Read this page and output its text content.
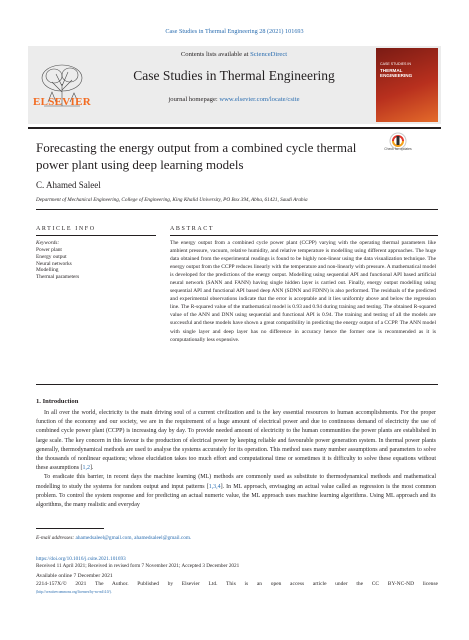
Case Studies in Thermal Engineering 28 (2021) 101693
ELSEVIER
Contents lists available at ScienceDirect
Case Studies in Thermal Engineering
journal homepage: www.elsevier.com/locate/csite
CASE STUDIES IN
THERMAL
ENGINEERING
Forecasting the energy output from a combined cycle thermal power plant using deep learning models
Check for updates
C. Ahamed Saleel
Department of Mechanical Engineering, College of Engineering, King Khalid University, PO Box 394, Abha, 61421, Saudi Arabia
ARTICLE INFO	ABSTRACT
Keywords:
Power plant
Energy output
Neural networks
Modelling
Thermal parameters
The energy output from a combined cycle power plant (CCPP) varying with the operating thermal parameters like ambient pressure, vacuum, relative humidity, and relative temperature is modelling using different approaches. The huge data obtained from the experimental readings is found to be highly non-linear using the data visualization technique. The energy output from the CCPP reduces linearly with the temperature and non-linearly with pressure. A mathematical model is developed for the predictions of the energy output. Modelling using sequential API and functional API based artificial neural network (SANN and FANN) having single hidden layer is carried out. Finally, energy output modelling using sequential API and functional API based deep ANN (SDNN and FDNN) is also performed. The residuals of the predicted and experimental observations indicate that the error is acceptable and it lies uniformly above and below the regression line. The R-squared value of the mathematical model is 0.93 and 0.94 during training and testing. The obtained R-squared value of the ANN and DNN using sequential and functional API is 0.94. The training and testing of all the models are successful and these models have shown a great compatibility in predicting the energy output of a CCPP. The ANN model with single layer and deep layer has no difference in accuracy hence the former one is recommended as it is computationally less expensive.
1. Introduction

In all over the world, electricity is the main driving soul of a current civilization and is the key essential resources to human accomplishments. For the proper function of the economy and our society, we are in the requirement of a huge amount of electrical power and due to continuous demand of electricity the use of combined cycle power plant (CCPP) is increasing day by day. To provide needed amount of electricity to the human communities the power plants are established in large scale. The key concern in this favour is the production of electrical power by keeping reliable and favourable power generation system. In thermal power plants generally, thermodynamical methods are used to analyse the systems accurately for its operation. This method uses many number assumptions and parameters to solve the thousands of nonlinear equations; whose elucidation takes too much effort and computational time or sometimes it is difficulty to solve these equations without these assumptions [1,2].

To eradicate this barrier, in recent days the machine learning (ML) methods are commonly used as substitute to thermodynamical methods and mathematical modelling to study the systems for random output and input patterns [1,3,4]. In ML approach, envisaging an actual value called as regression is the most common problem. To control the system response and for predicting an actual numeric value, the ML approach uses machine learning algorithms. Using ML approach and its algorithms, the many realistic and everyday

E-mail addresses: ahamedsaleel@gmail.com, ahamedsaleel@gmail.com.
https://doi.org/10.1016/j.csite.2021.101693
Received 11 April 2021; Received in revised form 7 November 2021; Accepted 3 December 2021
Available online 7 December 2021
2214-157X/© 2021 The Author. Published by Elsevier Ltd. This is an open access article under the CC BY-NC-ND license
(http://creativecommons.org/licenses/by-nc-nd/4.0/).
